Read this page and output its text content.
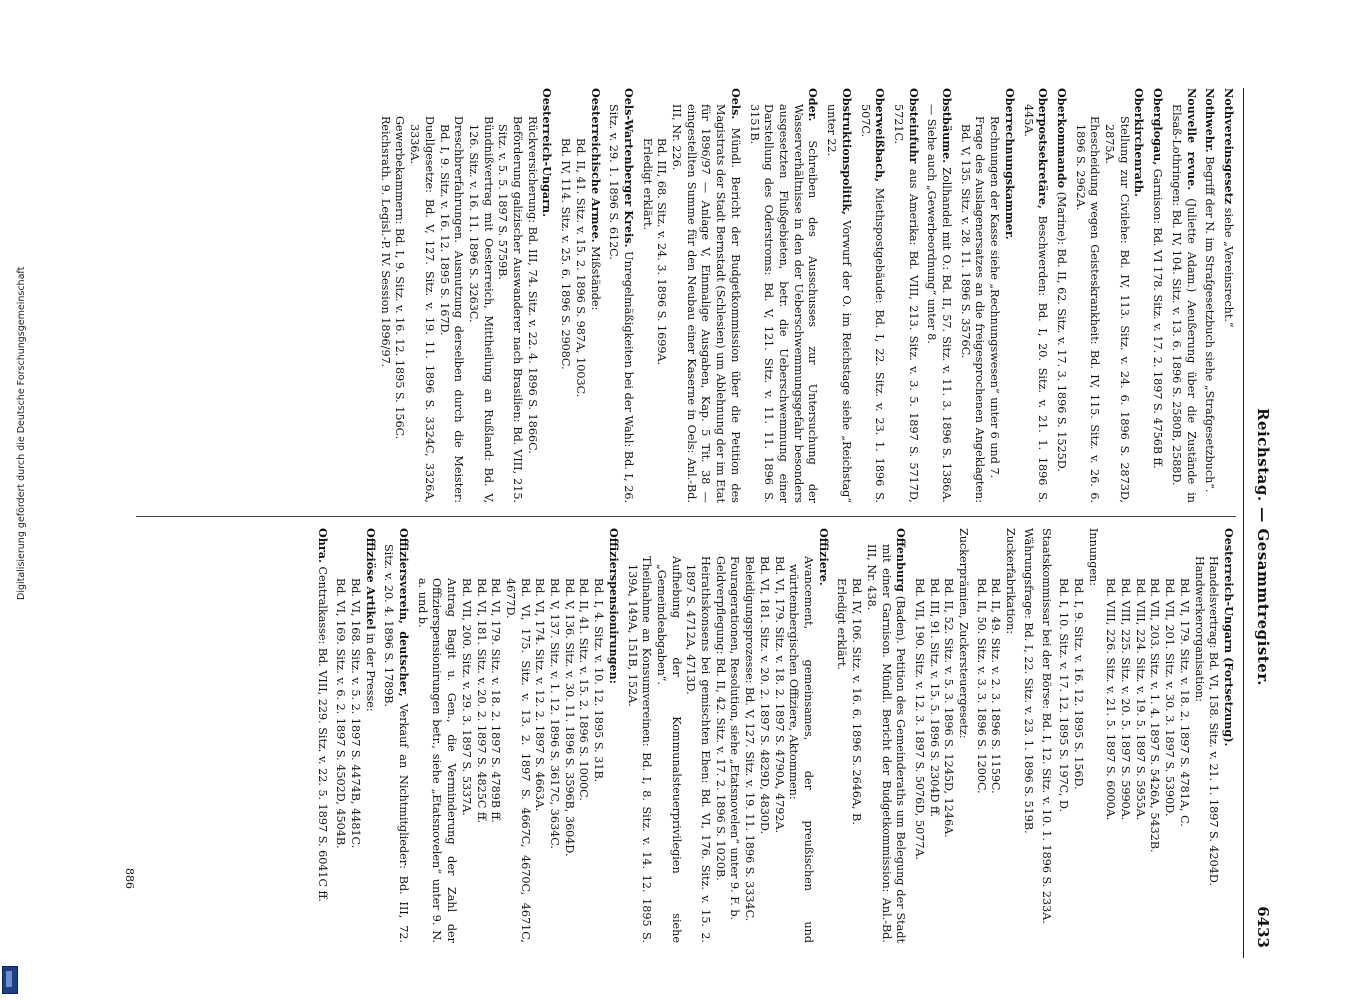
Digitalisierung gefördert durch die Deutsche Forschungsgemeinschaft	Reichstag. — Gesammtregister.
6433
Nothvereinsgesetz siehe „Vereinsrecht.“
Nothwehr. Begriff der N. im Strafgesetzbuch siehe „Strafgesetzbuch“.
Nouvelle revue. (Juliette Adam.) Aeußerung über die Zustände in Elsaß-Lothringen: Bd. IV, 104. Sitz. v. 13. 6. 1896 S. 2580B, 2588D.
Oberglogau, Garnison: Bd. VI 178. Sitz. v. 17. 2. 1897 S. 4756B ff.
Oberkirchenrath.
Stellung zur Civilehe: Bd. IV, 113. Sitz. v. 24. 6. 1896 S. 2873D, 2875A.
Ehescheidung wegen Geisteskrankheit: Bd. IV, 115. Sitz. v. 26. 6. 1896 S. 2962A.
Oberkommando (Marine): Bd. II, 62. Sitz. v. 17. 3. 1896 S. 1525D.
Oberpostsekretäre, Beschwerden: Bd. I, 20. Sitz. v. 21. 1. 1896 S. 445A.
Oberrechnungskammer.
Rechnungen der Kasse siehe „Rechnungswesen“ unter 6 und 7.
Frage des Auslagenersatzes an die freigesprochenen Angeklagten: Bd. V, 135. Sitz. v. 28. 11. 1896 S. 3576C.
Obstbäume. Zollhandel mit O.: Bd. II, 57. Sitz. v. 11. 3. 1896 S. 1386A. — Siehe auch „Gewerbeordnung“ unter 8.
Obsteinfuhr aus Amerika: Bd. VIII, 213. Sitz. v. 3. 5. 1897 S. 5717D, 5721C.
Oberweißbach, Miethspostgebäude: Bd. I, 22. Sitz. v. 23. 1. 1896 S. 507C.
Obstruktionspolitik, Vorwurf der O. im Reichstage siehe „Reichstag“ unter 22.
Oder. Schreiben des Ausschusses zur Untersuchung der Wasserverhältnisse in den der Ueberschwemmungsgefahr besonders ausgesetzten Flußgebieten, betr. die Ueberschwemmung einer Darstellung des Oderstroms: Bd. V, 121. Sitz. v. 11. 11. 1896 S. 3151B.
Oels. Mündl. Bericht der Budgetkommission über die Petition des Magistrats der Stadt Bernstadt (Schlesien) um Ablehnung der im Etat für 1896/97 — Anlage V, Einmalige Ausgaben, Kap. 5 Tit. 38 — eingestellten Summe für den Neubau einer Kaserne in Oels: Anl.-Bd. III, Nr. 226.
Bd. III, 68. Sitz. v. 24. 3. 1896 S. 1699A.
Erledigt erklärt.
Oels-Wartenberger Kreis. Unregelmäßigkeiten bei der Wahl: Bd. I, 26. Sitz. v. 29. 1. 1896 S. 612C.
Oesterreichische Armee. Mißstände:
Bd. II, 41. Sitz. v. 15. 2. 1896 S. 987A, 1003C.
Bd. IV, 114. Sitz. v. 25. 6. 1896 S. 2908C.
Oesterreich-Ungarn.
Rückversicherung: Bd. III, 74. Sitz. v. 22. 4. 1896 S. 1866C.
Beförderung galizischer Auswanderer nach Brasilien: Bd. VIII, 215. Sitz. v. 5. 5. 1897 S. 5759B.
Bündnißvertrag mit Oesterreich, Mittheilung an Rußland: Bd. V, 126. Sitz. v. 16. 11. 1896 S. 3263C.
Dreschbrerfahrungen. Ausnutzung derselben durch die Meister: Bd. I, 9. Sitz. v. 16. 12. 1895 S. 167D.
Duellgesetze: Bd. V, 127. Sitz. v. 19. 11. 1896 S. 3324C, 3326A, 3336A.
Gewerbekammern: Bd. I, 9. Sitz. v. 16. 12. 1895 S. 156C.
Reichsrath. 9. Legisl.-P. IV. Session 1896/97.
Oesterreich-Ungarn (Fortsetzung).
Handelsvertrag: Bd. VI, 158. Sitz. v. 21. 1. 1897 S. 4204D.
Handwerkerorganisation:
Bd. VI, 179. Sitz. v. 18. 2. 1897 S. 4781A, C.
Bd. VII, 201. Sitz. v. 30. 3. 1897 S. 5390D.
Bd. VII, 203. Sitz. v. 1. 4. 1897 S. 5426A, 5432B.
Bd. VIII, 224. Sitz. v. 19. 5. 1897 S. 5955A.
Bd. VIII, 225. Sitz. v. 20. 5. 1897 S. 5990A.
Bd. VIII, 226. Sitz. v. 21. 5. 1897 S. 6000A.
Innungen:
Bd. I, 9. Sitz. v. 16. 12. 1895 S. 156D.
Bd. I, 10. Sitz. v. 17. 12. 1895 S. 197C, D.
Staatskommissar bei der Börse: Bd. I, 12. Sitz. v. 10. 1. 1896 S. 233A.
Währungsfrage: Bd. I, 22. Sitz. v. 23. 1. 1896 S. 519B.
Zuckerfabrikation:
Bd. II, 49. Sitz. v. 2. 3. 1896 S. 1159C.
Bd. II, 50. Sitz. v. 3. 3. 1896 S. 1200C.
Zuckerprämien, Zuckersteuergesetz:
Bd. II, 52. Sitz. v. 5. 3. 1896 S. 1245D, 1246A.
Bd. III, 91. Sitz. v. 15. 5. 1896 S. 2304D ff.
Bd. VII, 190. Sitz. v. 12. 3. 1897 S. 5076D, 5077A.
Offenburg (Baden). Petition des Gemeinderaths um Belegung der Stadt mit einer Garnison. Mündl. Bericht der Budgetkommission: Anl.-Bd. III, Nr. 438.
Bd. IV, 106. Sitz. v. 16. 6. 1896 S. 2646A, B.
Erledigt erklärt.
Offiziere.
Avancement, gemeinsames, der preußischen und württembergischen Offiziere, Aktommen:
Bd. VI, 179. Sitz. v. 18. 2. 1897 S. 4790A, 4792A.
Bd. VI, 181. Sitz. v. 20. 2. 1897 S. 4829D, 4830D.
Beleidigungsprozesse: Bd. V, 127. Sitz. v. 19. 11. 1896 S. 3334C.
Fouragerationen, Resolution, siehe „Etatsnovelen“ unter 9. F. b.
Geldverpflegung: Bd. II, 42. Sitz. v. 17. 2. 1896 S. 1020B.
Heirathskonsens bei gemischten Ehen: Bd. VI, 176. Sitz. v. 15. 2. 1897 S. 4712A, 4713D.
Aufhebung der Kommunalsteuerprivilegien siehe „Gemeindeabgaben“.
Theilnahme an Konsumvereinen: Bd. I, 8. Sitz. v. 14. 12. 1895 S. 139A, 149A, 151B, 152A.
Offizierspensionirungen:
Bd. I, 4. Sitz. v. 10. 12. 1895 S. 31B.
Bd. II, 41. Sitz. v. 15. 2. 1896 S. 1000C.
Bd. V, 136. Sitz. v. 30. 11. 1896 S. 3596B, 3604D.
Bd. V, 137. Sitz. v. 1. 12. 1896 S. 3617C, 3634C.
Bd. VI, 174. Sitz. v. 12. 2. 1897 S. 4663A.
Bd. VI, 175. Sitz. v. 13. 2. 1897 S. 4667C, 4670C, 4671C, 4677D.
Bd. VI, 179. Sitz. v. 18. 2. 1897 S. 4789B ff.
Bd. VI, 181. Sitz. v. 20. 2. 1897 S. 4825C ff.
Bd. VII, 200. Sitz. v. 29. 3. 1897 S. 5337A.
Antrag Bagit u. Gen., die Verminderung der Zahl der Offizierspensionirungen betr., siehe „Etatsnovelen“ unter 9. N. a. und b.
Offiziersverein, deutscher, Verkauf an Nichtmitglieder: Bd. III, 72. Sitz. v. 20. 4. 1896 S. 1789B.
Offiziöse Artikel in der Presse:
Bd. VI, 168. Sitz. v. 5. 2. 1897 S. 4474B, 4481C.
Bd. VI, 169. Sitz. v. 6. 2. 1897 S. 4502D, 4504B.
Ohra. Centralkasse: Bd. VIII, 229. Sitz. v. 22. 5. 1897 S. 6041C ff.
886
